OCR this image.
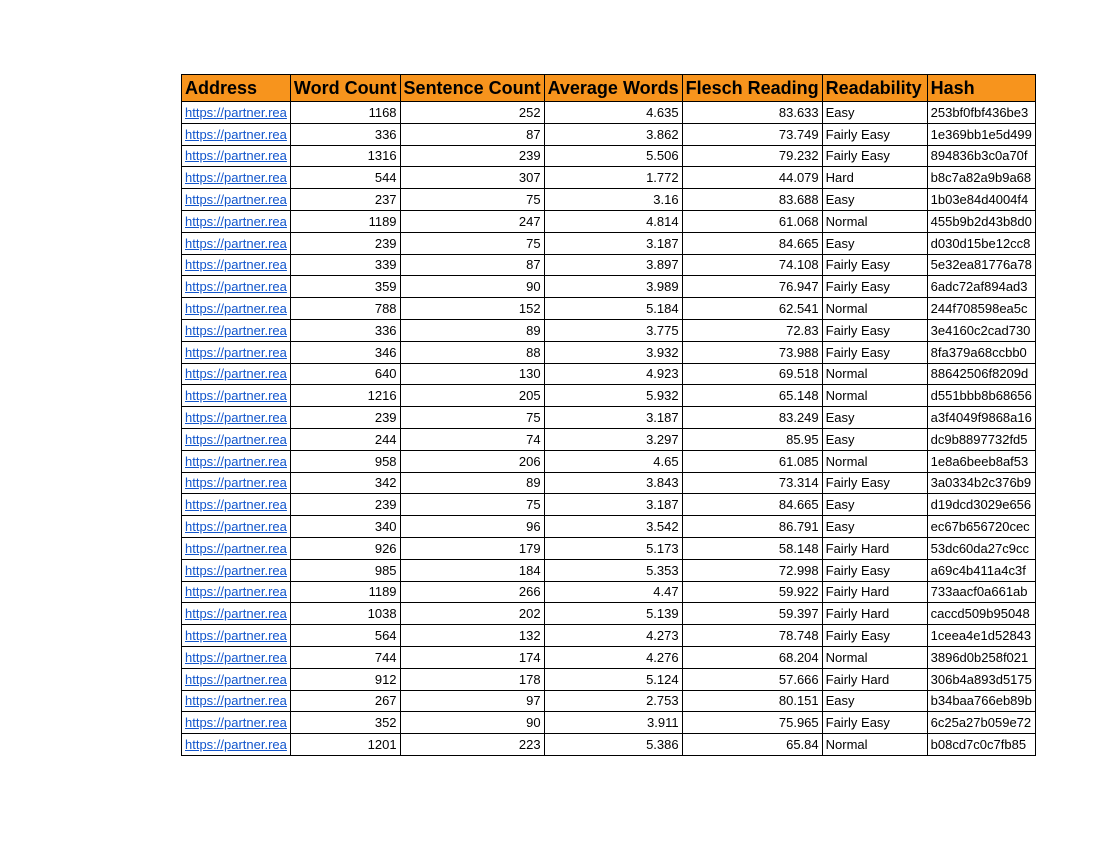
Address	Word Count	Sentence Count	Average Words	Flesch Reading	Readability	Hash
https://partner.rea	1168	252	4.635	83.633	Easy	253bf0fbf436be3
https://partner.rea	336	87	3.862	73.749	Fairly Easy	1e369bb1e5d499
https://partner.rea	1316	239	5.506	79.232	Fairly Easy	894836b3c0a70f
https://partner.rea	544	307	1.772	44.079	Hard	b8c7a82a9b9a68
https://partner.rea	237	75	3.16	83.688	Easy	1b03e84d4004f4
https://partner.rea	1189	247	4.814	61.068	Normal	455b9b2d43b8d0
https://partner.rea	239	75	3.187	84.665	Easy	d030d15be12cc8
https://partner.rea	339	87	3.897	74.108	Fairly Easy	5e32ea81776a78
https://partner.rea	359	90	3.989	76.947	Fairly Easy	6adc72af894ad3
https://partner.rea	788	152	5.184	62.541	Normal	244f708598ea5c
https://partner.rea	336	89	3.775	72.83	Fairly Easy	3e4160c2cad730
https://partner.rea	346	88	3.932	73.988	Fairly Easy	8fa379a68ccbb0
https://partner.rea	640	130	4.923	69.518	Normal	88642506f8209d
https://partner.rea	1216	205	5.932	65.148	Normal	d551bbb8b68656
https://partner.rea	239	75	3.187	83.249	Easy	a3f4049f9868a16
https://partner.rea	244	74	3.297	85.95	Easy	dc9b8897732fd5
https://partner.rea	958	206	4.65	61.085	Normal	1e8a6beeb8af53
https://partner.rea	342	89	3.843	73.314	Fairly Easy	3a0334b2c376b9
https://partner.rea	239	75	3.187	84.665	Easy	d19dcd3029e656
https://partner.rea	340	96	3.542	86.791	Easy	ec67b656720cec
https://partner.rea	926	179	5.173	58.148	Fairly Hard	53dc60da27c9cc
https://partner.rea	985	184	5.353	72.998	Fairly Easy	a69c4b411a4c3f
https://partner.rea	1189	266	4.47	59.922	Fairly Hard	733aacf0a661ab
https://partner.rea	1038	202	5.139	59.397	Fairly Hard	caccd509b95048
https://partner.rea	564	132	4.273	78.748	Fairly Easy	1ceea4e1d52843
https://partner.rea	744	174	4.276	68.204	Normal	3896d0b258f021
https://partner.rea	912	178	5.124	57.666	Fairly Hard	306b4a893d5175
https://partner.rea	267	97	2.753	80.151	Easy	b34baa766eb89b
https://partner.rea	352	90	3.911	75.965	Fairly Easy	6c25a27b059e72
https://partner.rea	1201	223	5.386	65.84	Normal	b08cd7c0c7fb85
